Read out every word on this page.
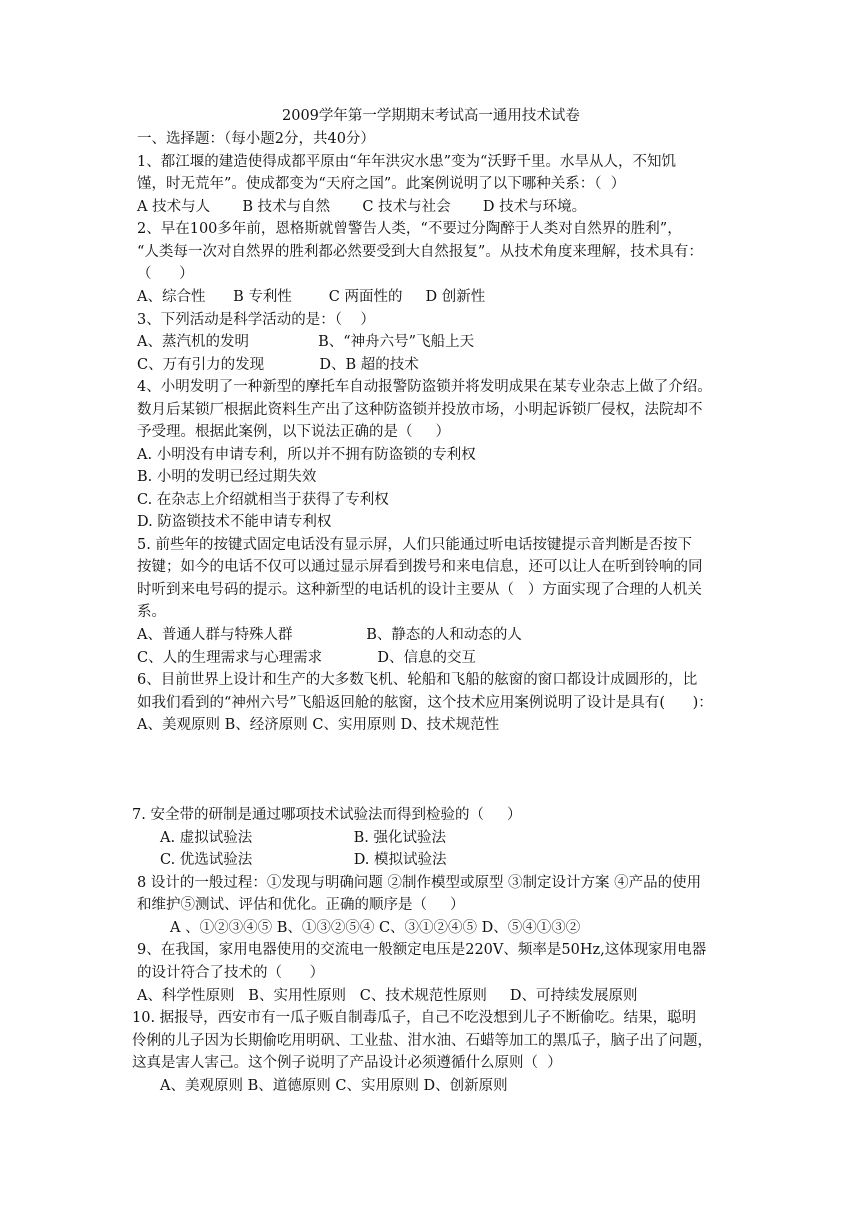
2009学年第一学期期末考试高一通用技术试卷
一、选择题：（每小题2分，共40分）
1、都江堰的建造使得成都平原由“年年洪灾水患”变为“沃野千里。水旱从人，不知饥
馑，时无荒年”。使成都变为“天府之国”。此案例说明了以下哪种关系：（  ）
A 技术与人       B 技术与自然       C 技术与社会       D 技术与环境。
2、早在100多年前，恩格斯就曾警告人类，“不要过分陶醉于人类对自然界的胜利”，
“人类每一次对自然界的胜利都必然要受到大自然报复”。从技术角度来理解，技术具有：
（      ）
A、综合性      B 专利性        C 两面性的     D 创新性
3、下列活动是科学活动的是：（    ）
A、蒸汽机的发明               B、“神舟六号”飞船上天
C、万有引力的发现            D、B 超的技术
4、小明发明了一种新型的摩托车自动报警防盗锁并将发明成果在某专业杂志上做了介绍。
数月后某锁厂根据此资料生产出了这种防盗锁并投放市场，小明起诉锁厂侵权，法院却不
予受理。根据此案例，以下说法正确的是（     ）
A. 小明没有申请专利，所以并不拥有防盗锁的专利权
B. 小明的发明已经过期失效
C. 在杂志上介绍就相当于获得了专利权
D. 防盗锁技术不能申请专利权
5. 前些年的按键式固定电话没有显示屏，人们只能通过听电话按键提示音判断是否按下
按键；如今的电话不仅可以通过显示屏看到拨号和来电信息，还可以让人在听到铃响的同
时听到来电号码的提示。这种新型的电话机的设计主要从（   ）方面实现了合理的人机关
系。
A、普通人群与特殊人群                B、静态的人和动态的人
C、人的生理需求与心理需求            D、信息的交互
6、目前世界上设计和生产的大多数飞机、轮船和飞船的舷窗的窗口都设计成圆形的，比
如我们看到的“神州六号”飞船返回舱的舷窗，这个技术应用案例说明了设计是具有(      )：
A、美观原则 B、经济原则 C、实用原则 D、技术规范性
7. 安全带的研制是通过哪项技术试验法而得到检验的（     ）
A. 虚拟试验法                      B. 强化试验法
C. 优选试验法                      D. 模拟试验法
8 设计的一般过程：①发现与明确问题 ②制作模型或原型 ③制定设计方案 ④产品的使用
和维护⑤测试、评估和优化。正确的顺序是（     ）
A 、①②③④⑤ B、①③②⑤④ C、③①②④⑤ D、⑤④①③②
9、在我国，家用电器使用的交流电一般额定电压是220V、频率是50Hz,这体现家用电器
的设计符合了技术的（      ）
A、科学性原则   B、实用性原则   C、技术规范性原则     D、可持续发展原则
10. 据报导，西安市有一瓜子贩自制毒瓜子，自己不吃没想到儿子不断偷吃。结果，聪明
伶俐的儿子因为长期偷吃用明矾、工业盐、泔水油、石蜡等加工的黑瓜子，脑子出了问题，
这真是害人害己。这个例子说明了产品设计必须遵循什么原则（  ）
A、美观原则 B、道德原则 C、实用原则 D、创新原则
